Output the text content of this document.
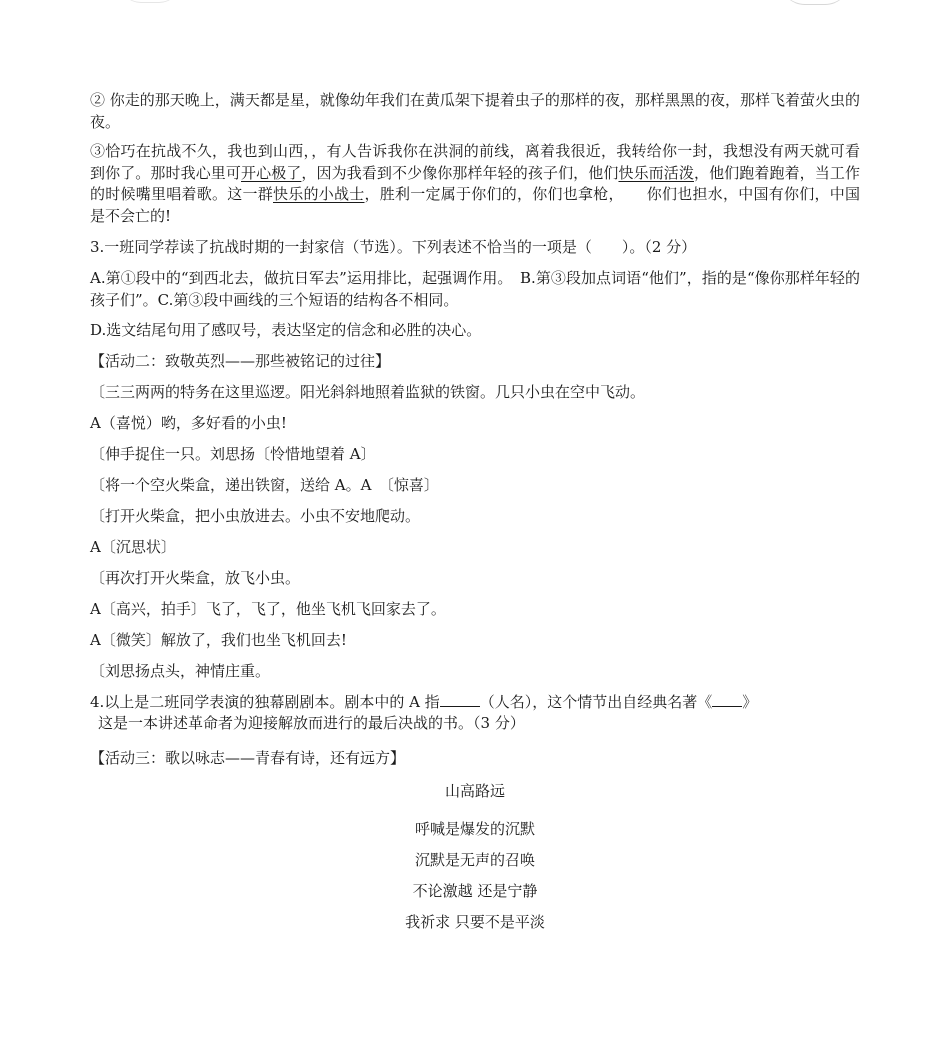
② 你走的那天晚上，满天都是星，就像幼年我们在黄瓜架下提着虫子的那样的夜，那样黑黑的夜，那样飞着萤火虫的夜。

③恰巧在抗战不久，我也到山西，，有人告诉我你在洪洞的前线，离着我很近，我转给你一封，我想没有两天就可看到你了。那时我心里可开心极了，因为我看到不少像你那样年轻的孩子们，他们快乐而活泼，他们跑着跑着，当工作的时候嘴里唱着歌。这一群快乐的小战士，胜利一定属于你们的，你们也拿枪，　　你们也担水，中国有你们，中国是不会亡的!

3.一班同学荐读了抗战时期的一封家信（节选）。下列表述不恰当的一项是（　　）。（2 分）

A.第①段中的“到西北去，做抗日军去”运用排比，起强调作用。　B.第③段加点词语“他们”，指的是“像你那样年轻的孩子们”。C.第③段中画线的三个短语的结构各不相同。

D.选文结尾句用了感叹号，表达坚定的信念和必胜的决心。

【活动二：致敬英烈——那些被铭记的过往】

〔三三两两的特务在这里巡逻。阳光斜斜地照着监狱的铁窗。几只小虫在空中飞动。

A（喜悦）哟，多好看的小虫!

〔伸手捉住一只。刘思扬〔怜惜地望着 A〕

〔将一个空火柴盒，递出铁窗，送给 A。A　〔惊喜〕

〔打开火柴盒，把小虫放进去。小虫不安地爬动。

A〔沉思状〕

〔再次打开火柴盒，放飞小虫。

A〔高兴，拍手〕飞了，飞了，他坐飞机飞回家去了。

A〔微笑〕解放了，我们也坐飞机回去!

〔刘思扬点头，神情庄重。

4.以上是二班同学表演的独幕剧剧本。剧本中的 A 指	（人名），这个情节出自经典名著《 》

这是一本讲述革命者为迎接解放而进行的最后决战的书。（3 分）

【活动三：歌以咏志——青春有诗，还有远方】

山高路远

呼喊是爆发的沉默

沉默是无声的召唤

不论激越 还是宁静

我祈求 只要不是平淡
